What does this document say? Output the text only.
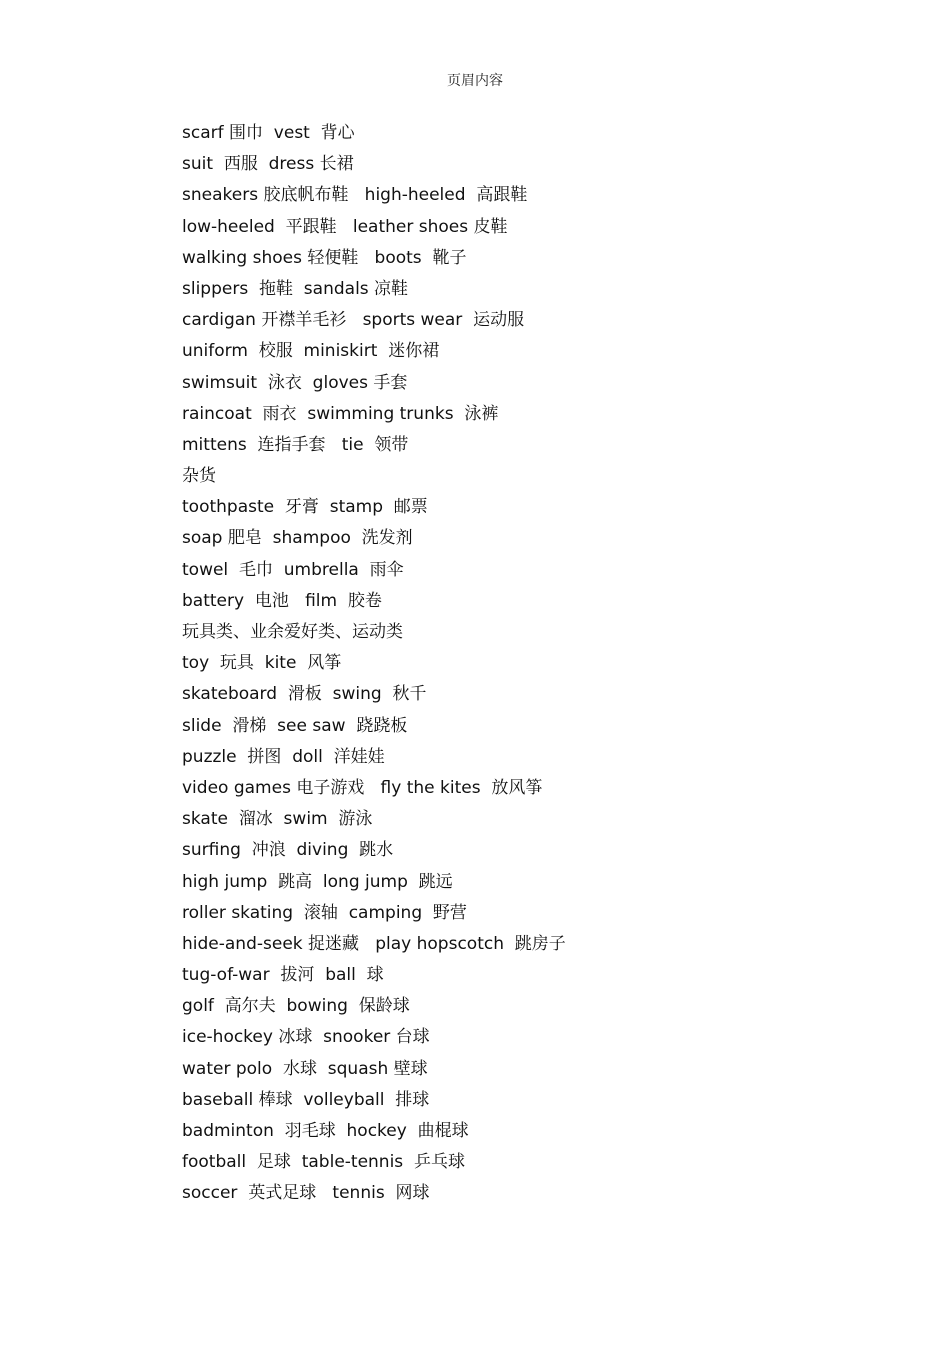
页眉内容
scarf 围巾  vest  背心
suit  西服  dress 长裙
sneakers 胶底帆布鞋   high-heeled  高跟鞋
low-heeled  平跟鞋   leather shoes 皮鞋
walking shoes 轻便鞋   boots  靴子
slippers  拖鞋  sandals 凉鞋
cardigan 开襟羊毛衫   sports wear  运动服
uniform  校服  miniskirt  迷你裙
swimsuit  泳衣  gloves 手套
raincoat  雨衣  swimming trunks  泳裤
mittens  连指手套   tie  领带
杂货
toothpaste  牙膏  stamp  邮票
soap 肥皂  shampoo  洗发剂
towel  毛巾  umbrella  雨伞
battery  电池   film  胶卷
玩具类、业余爱好类、运动类
toy  玩具  kite  风筝
skateboard  滑板  swing  秋千
slide  滑梯  see saw  跷跷板
puzzle  拼图  doll  洋娃娃
video games 电子游戏   fly the kites  放风筝
skate  溜冰  swim  游泳
surfing  冲浪  diving  跳水
high jump  跳高  long jump  跳远
roller skating  滚轴  camping  野营
hide-and-seek 捉迷藏   play hopscotch  跳房子
tug-of-war  拔河  ball  球
golf  高尔夫  bowing  保龄球
ice-hockey 冰球  snooker 台球
water polo  水球  squash 壁球
baseball 棒球  volleyball  排球
badminton  羽毛球  hockey  曲棍球
football  足球  table-tennis  乒乓球
soccer  英式足球   tennis  网球
